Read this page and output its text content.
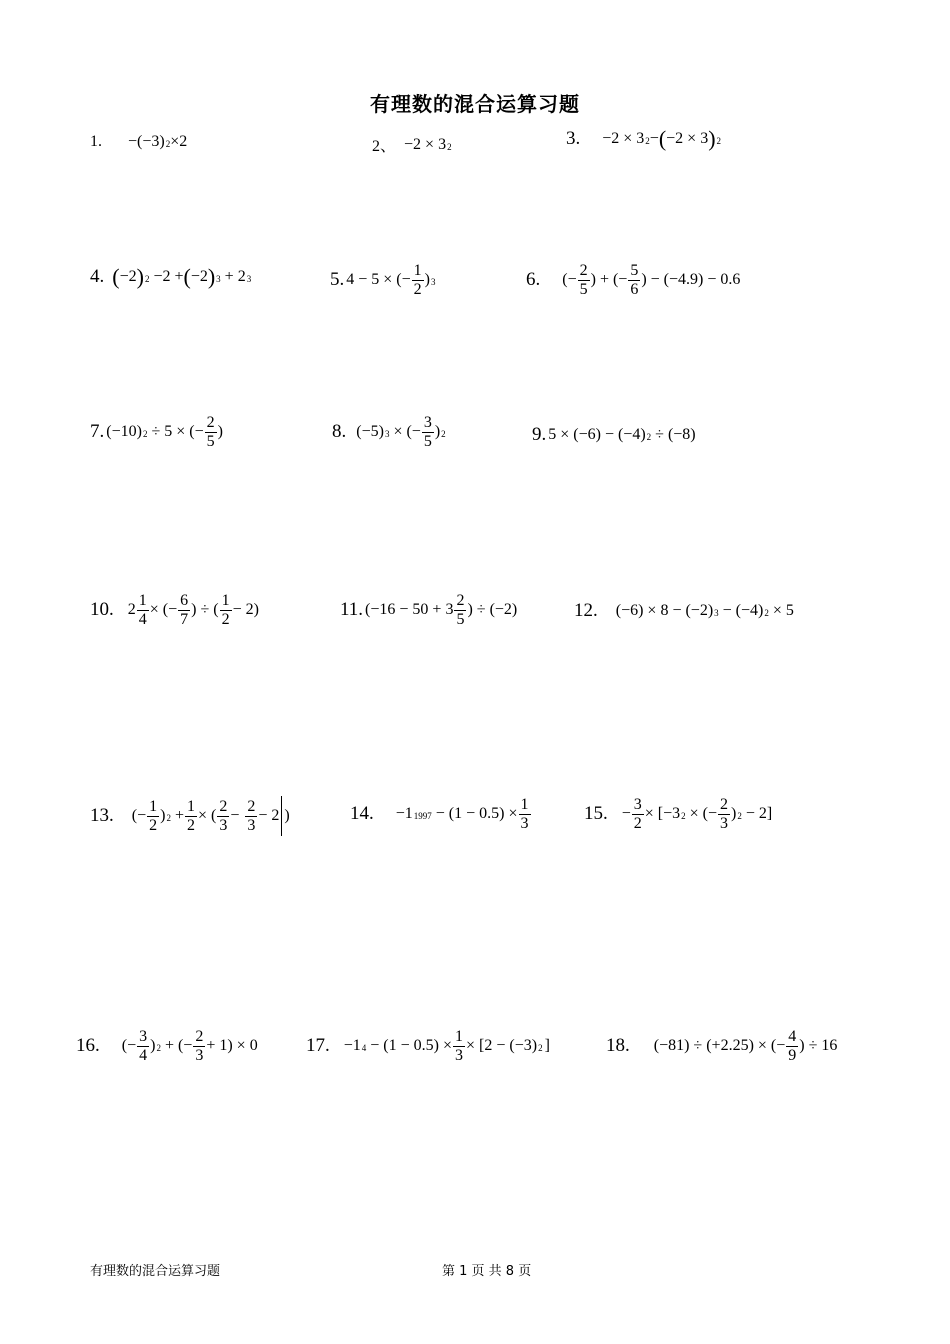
有理数的混合运算习题
1. −(−3) 2 ×2	2、 −2 × 3 2	3. −2 × 3 2 − ( −2 × 3 ) 2
4. ( −2 ) 2 −2 + ( −2 ) 3 + 2 3	5. 4 − 5 × (− $\frac{1}{2}$ ) 3	6. (− $\frac{2}{5}$ ) + (− $\frac{5}{6}$ ) − (−4.9) − 0.6
7. (−10) 2 ÷ 5 × (− $\frac{2}{5}$ )	8. (−5) 3 × (− $\frac{3}{5}$ ) 2	9. 5 × (−6) − (−4) 2 ÷ (−8)
10. $2 \frac{1}{4}$ × (− $\frac{6}{7}$ ) ÷ ( $\frac{1}{2} - 2$)	11. ($-16 - 50 + 3 \frac{2}{5}$ ) ÷ (−2)	12. (−6) × 8 − (−2) 3 − (−4) 2 × 5
13. (− $\frac{1}{2}$ ) $2 + \frac{1}{2}$ × ( $\frac{2}{3} - \frac{2}{3} - 2$ )	14. −1 $1997 - (1 - 0.5) \times \frac{1}{3}$	15. − $\frac{3}{2} \times [-3$ 2 × (− $\frac{2}{3}$ ) 2 − 2]
16. (− $\frac{3}{4}$ ) 2 + (− $\frac{2}{3} + 1) \times 0$	17. −1 $4 - (1 - 0.5) \times \frac{1}{3} \times [2 - (-3)$ 2 ]	18. (−81) ÷ (+2.25) × (− $\frac{4}{9}$ ) ÷ 16
有理数的混合运算习题	第 1 页 共 8 页
